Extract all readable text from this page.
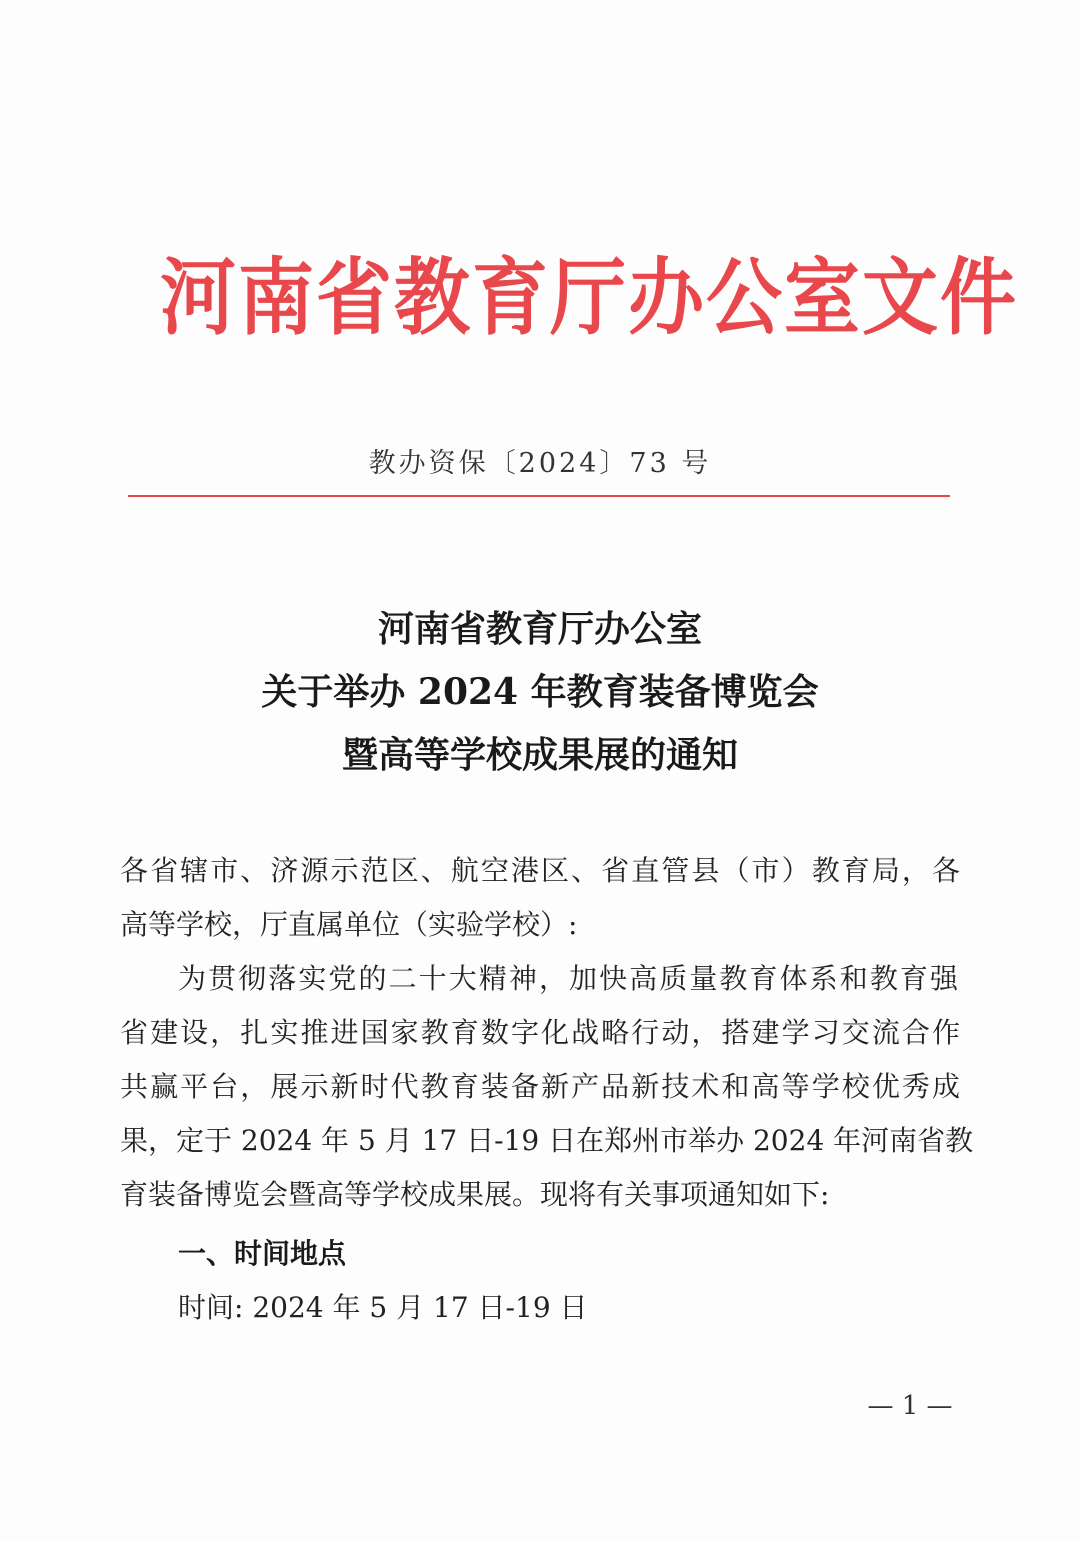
河南省教育厅办公室文件
教办资保〔2024〕73 号
河南省教育厅办公室
关于举办 2024 年教育装备博览会
暨高等学校成果展的通知

各省辖市、济源示范区、航空港区、省直管县（市）教育局，各

高等学校，厅直属单位（实验学校）:

为贯彻落实党的二十大精神，加快高质量教育体系和教育强

省建设，扎实推进国家教育数字化战略行动，搭建学习交流合作

共赢平台，展示新时代教育装备新产品新技术和高等学校优秀成

果，定于 2024 年 5 月 17 日-19 日在郑州市举办 2024 年河南省教

育装备博览会暨高等学校成果展。现将有关事项通知如下:

一、时间地点

时间: 2024 年 5 月 17 日-19 日

— 1 —
